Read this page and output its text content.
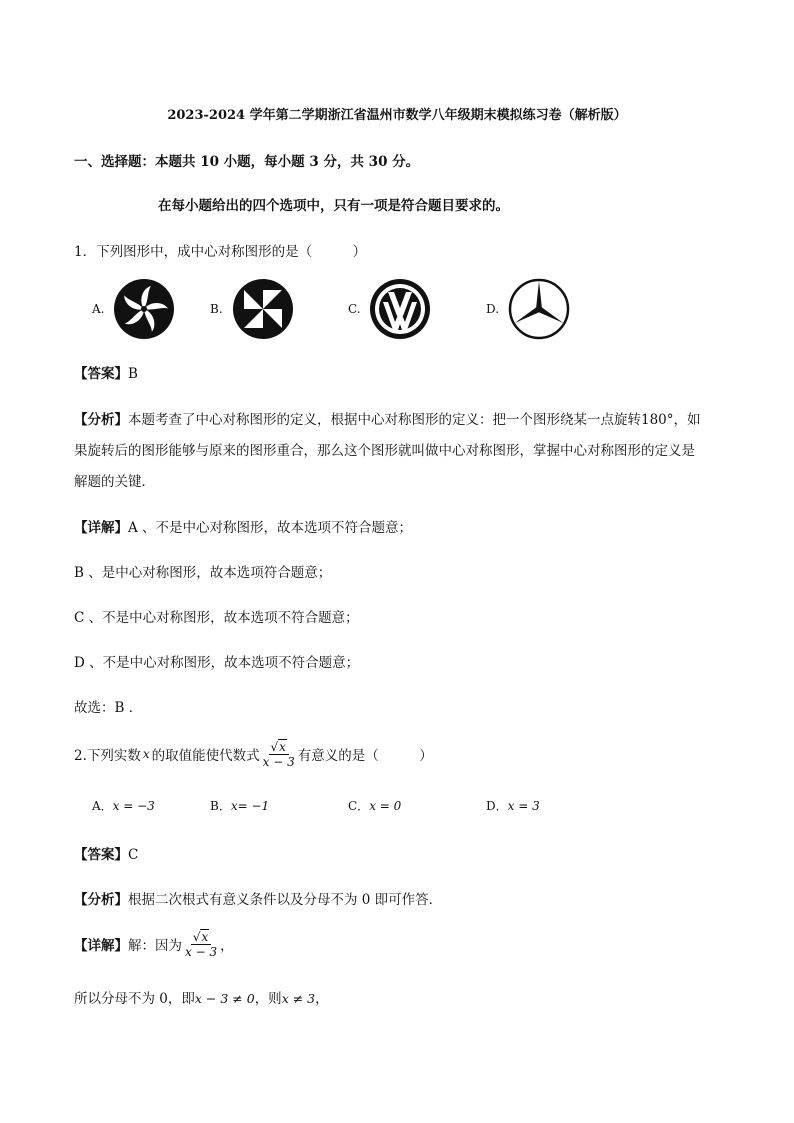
2023-2024 学年第二学期浙江省温州市数学八年级期末模拟练习卷（解析版）
一、选择题：本题共 10 小题，每小题 3 分，共 30 分。
在每小题给出的四个选项中，只有一项是符合题目要求的。
1．下列图形中，成中心对称图形的是（　　　）
A.	B.	C.	D.
【答案】B
【分析】本题考查了中心对称图形的定义，根据中心对称图形的定义：把一个图形绕某一点旋转180°，如
果旋转后的图形能够与原来的图形重合，那么这个图形就叫做中心对称图形，掌握中心对称图形的定义是
解题的关键．
【详解】A 、不是中心对称图形，故本选项不符合题意；
B 、是中心对称图形，故本选项符合题意；
C 、不是中心对称图形，故本选项不符合题意；
D 、不是中心对称图形，故本选项不符合题意；
故选：B ．
2.下列实数 x 的取值能使代数式 $\frac{√x}{x - 3}$ 有意义的是（　　　）
A．x = −3	B．x= −1	C．x = 0	D．x = 3
【答案】C
【分析】根据二次根式有意义条件以及分母不为 0 即可作答．
【详解】 解：因为 $\frac{√x}{x - 3}$ ，
所以分母不为 0，即x − 3 ≠ 0，则x ≠ 3，
